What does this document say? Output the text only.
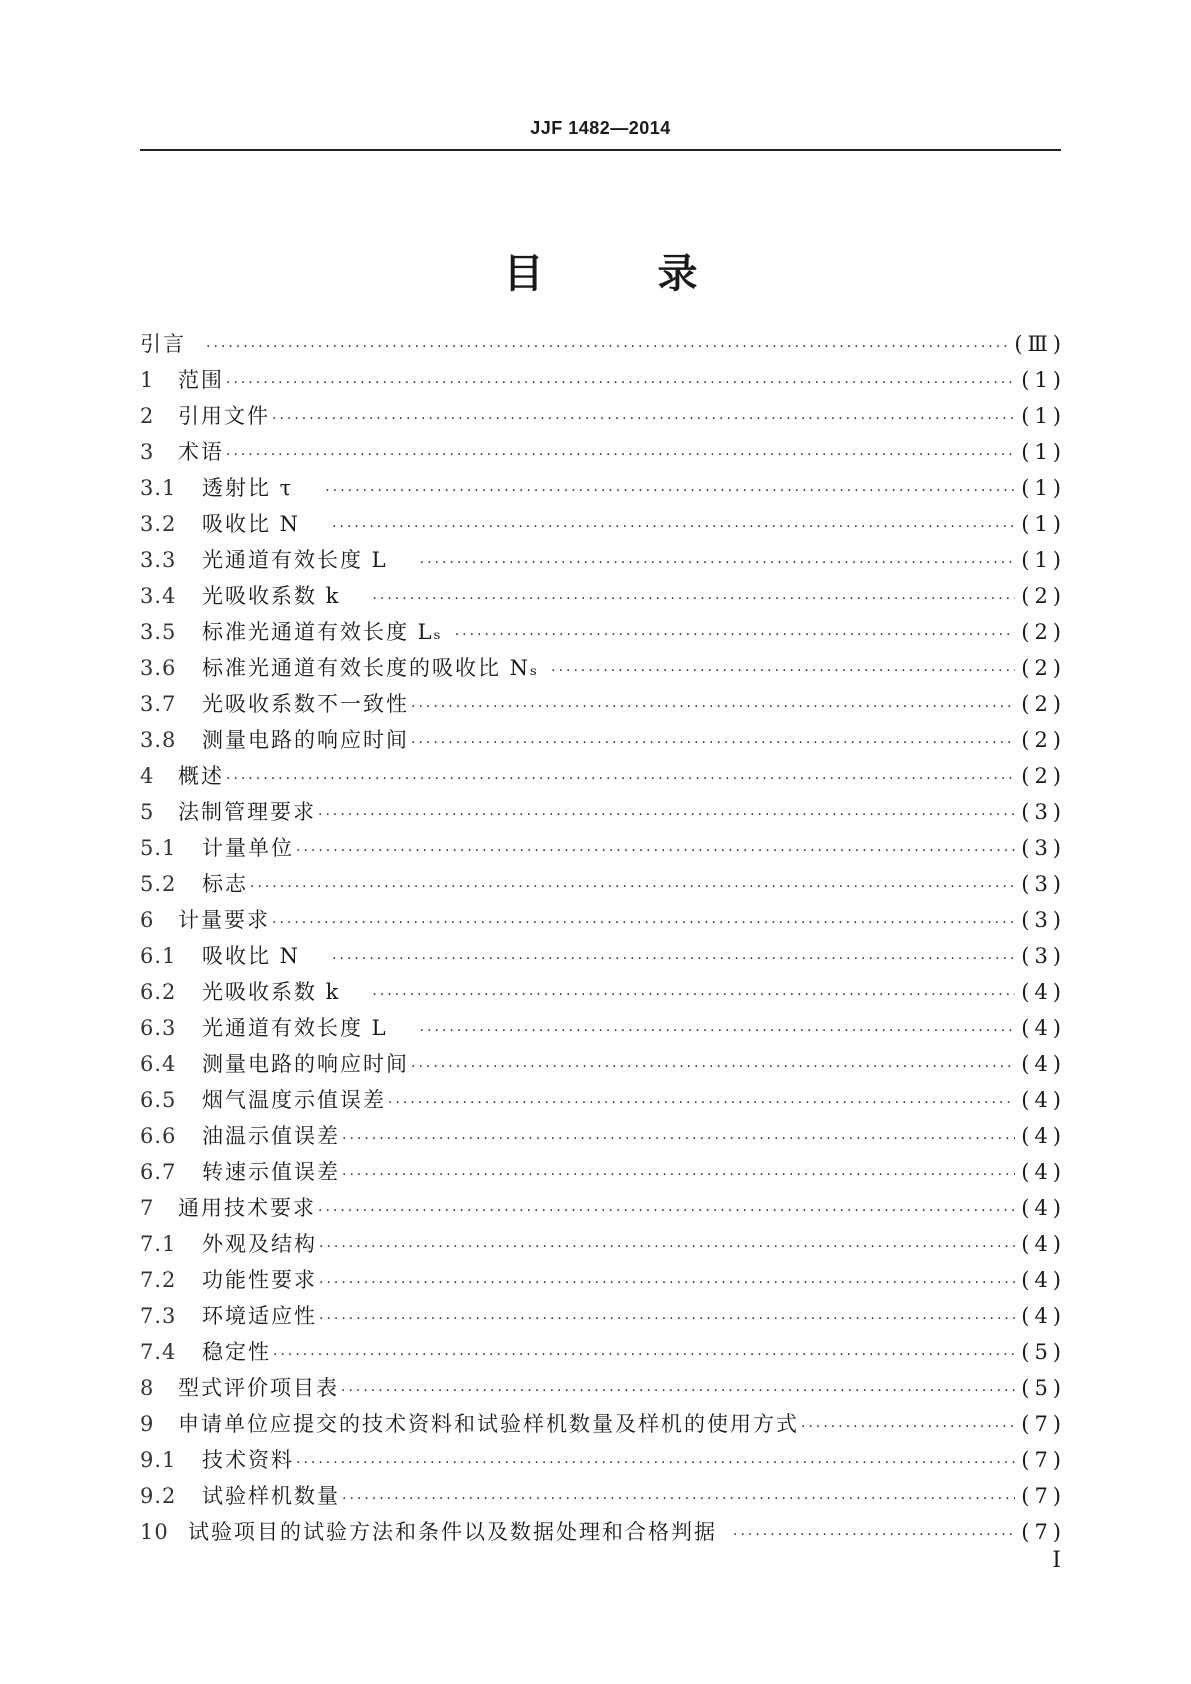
JJF 1482—2014
目 录
引言 ·····	(Ⅲ)
1	范围 ·····	(1)
2	引用文件 ·····	(1)
3	术语 ·····	(1)
3.1	透射比 τ ·····	(1)
3.2	吸收比 N ·····	(1)
3.3	光通道有效长度 L ·····	(1)
3.4	光吸收系数 k ·····	(2)
3.5	标准光通道有效长度 Lₛ ·····	(2)
3.6	标准光通道有效长度的吸收比 Nₛ ·····	(2)
3.7	光吸收系数不一致性 ·····	(2)
3.8	测量电路的响应时间 ·····	(2)
4	概述 ·····	(2)
5	法制管理要求 ·····	(3)
5.1	计量单位 ·····	(3)
5.2	标志 ·····	(3)
6	计量要求 ·····	(3)
6.1	吸收比 N ·····	(3)
6.2	光吸收系数 k ·····	(4)
6.3	光通道有效长度 L ·····	(4)
6.4	测量电路的响应时间 ·····	(4)
6.5	烟气温度示值误差 ·····	(4)
6.6	油温示值误差 ·····	(4)
6.7	转速示值误差 ·····	(4)
7	通用技术要求 ·····	(4)
7.1	外观及结构 ·····	(4)
7.2	功能性要求 ·····	(4)
7.3	环境适应性 ·····	(4)
7.4	稳定性 ·····	(5)
8	型式评价项目表 ·····	(5)
9	申请单位应提交的技术资料和试验样机数量及样机的使用方式 ·····	(7)
9.1	技术资料 ·····	(7)
9.2	试验样机数量 ·····	(7)
10 试验项目的试验方法和条件以及数据处理和合格判据 ·····	(7)
I
